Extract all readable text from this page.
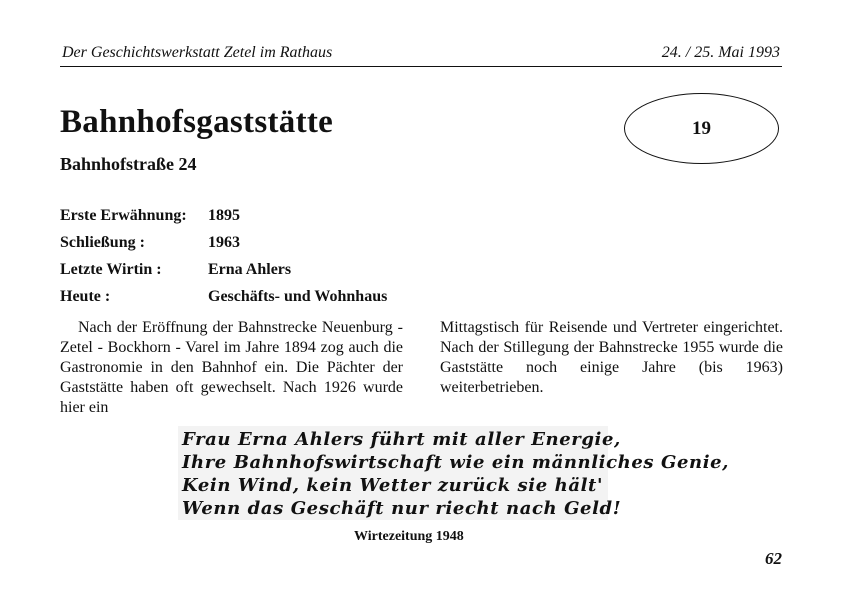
Der Geschichtswerkstatt Zetel im Rathaus	24. / 25. Mai 1993
Bahnhofsgaststätte
Bahnhofstraße 24
19
Erste Erwähnung:	1895
Schließung :	1963
Letzte Wirtin :	Erna Ahlers
Heute :	Geschäfts- und Wohnhaus
Nach der Eröffnung der Bahnstrecke Neuenburg - Zetel - Bockhorn - Varel im Jahre 1894 zog auch die Gastronomie in den Bahnhof ein. Die Pächter der Gaststätte haben oft gewechselt. Nach 1926 wurde hier ein
Mittagstisch für Reisende und Vertreter eingerichtet. Nach der Stillegung der Bahnstrecke 1955 wurde die Gaststätte noch einige Jahre (bis 1963) weiterbetrieben.
Frau Erna Ahlers führt mit aller Energie,
Ihre Bahnhofswirtschaft wie ein männliches Genie,
Kein Wind, kein Wetter zurück sie hält'
Wenn das Geschäft nur riecht nach Geld!
Wirtezeitung 1948
62
